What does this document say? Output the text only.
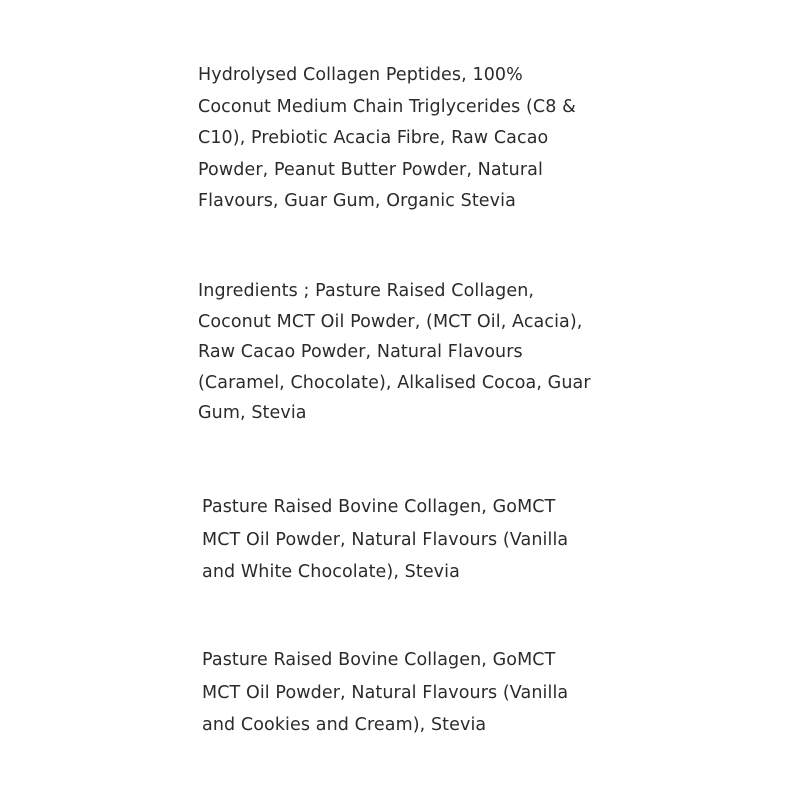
Hydrolysed Collagen Peptides, 100%
Coconut Medium Chain Triglycerides (C8 &
C10), Prebiotic Acacia Fibre, Raw Cacao
Powder, Peanut Butter Powder, Natural
Flavours, Guar Gum, Organic Stevia

Ingredients ; Pasture Raised Collagen,
Coconut MCT Oil Powder, (MCT Oil, Acacia),
Raw Cacao Powder, Natural Flavours
(Caramel, Chocolate), Alkalised Cocoa, Guar
Gum, Stevia

Pasture Raised Bovine Collagen, GoMCT
MCT Oil Powder, Natural Flavours (Vanilla
and White Chocolate), Stevia

Pasture Raised Bovine Collagen, GoMCT
MCT Oil Powder, Natural Flavours (Vanilla
and Cookies and Cream), Stevia
